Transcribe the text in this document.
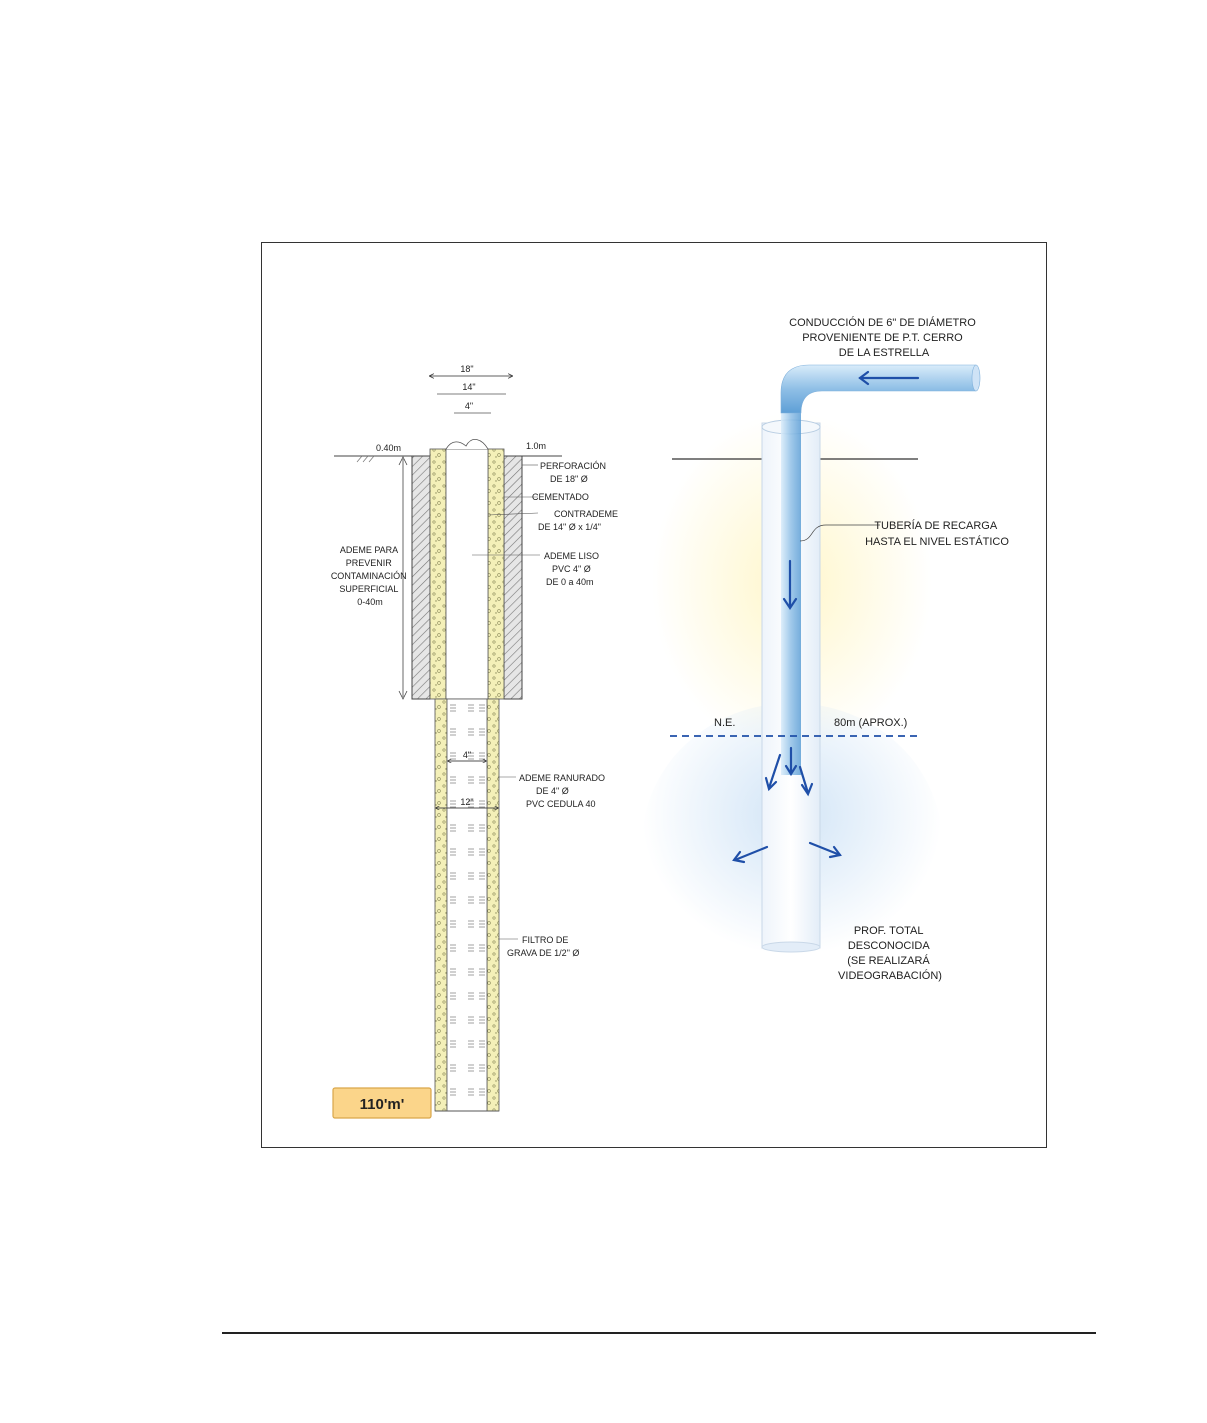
18"
14"
4"
0.40m	1.0m
4"
12"
PERFORACIÓN DE 18" Ø
CEMENTADO
CONTRADEME DE 14" Ø x 1/4"
ADEME LISO PVC 4" Ø DE 0 a 40m
ADEME PARA PREVENIR CONTAMINACIÓN SUPERFICIAL 0-40m
ADEME RANURADO DE 4" Ø PVC CEDULA 40
FILTRO DE GRAVA DE 1/2" Ø
110'm'
N.E.	80m (APROX.)
CONDUCCIÓN DE 6" DE DIÁMETRO PROVENIENTE DE P.T. CERRO DE LA ESTRELLA
TUBERÍA DE RECARGA HASTA EL NIVEL ESTÁTICO
PROF. TOTAL DESCONOCIDA (SE REALIZARÁ VIDEOGRABACIÓN)
